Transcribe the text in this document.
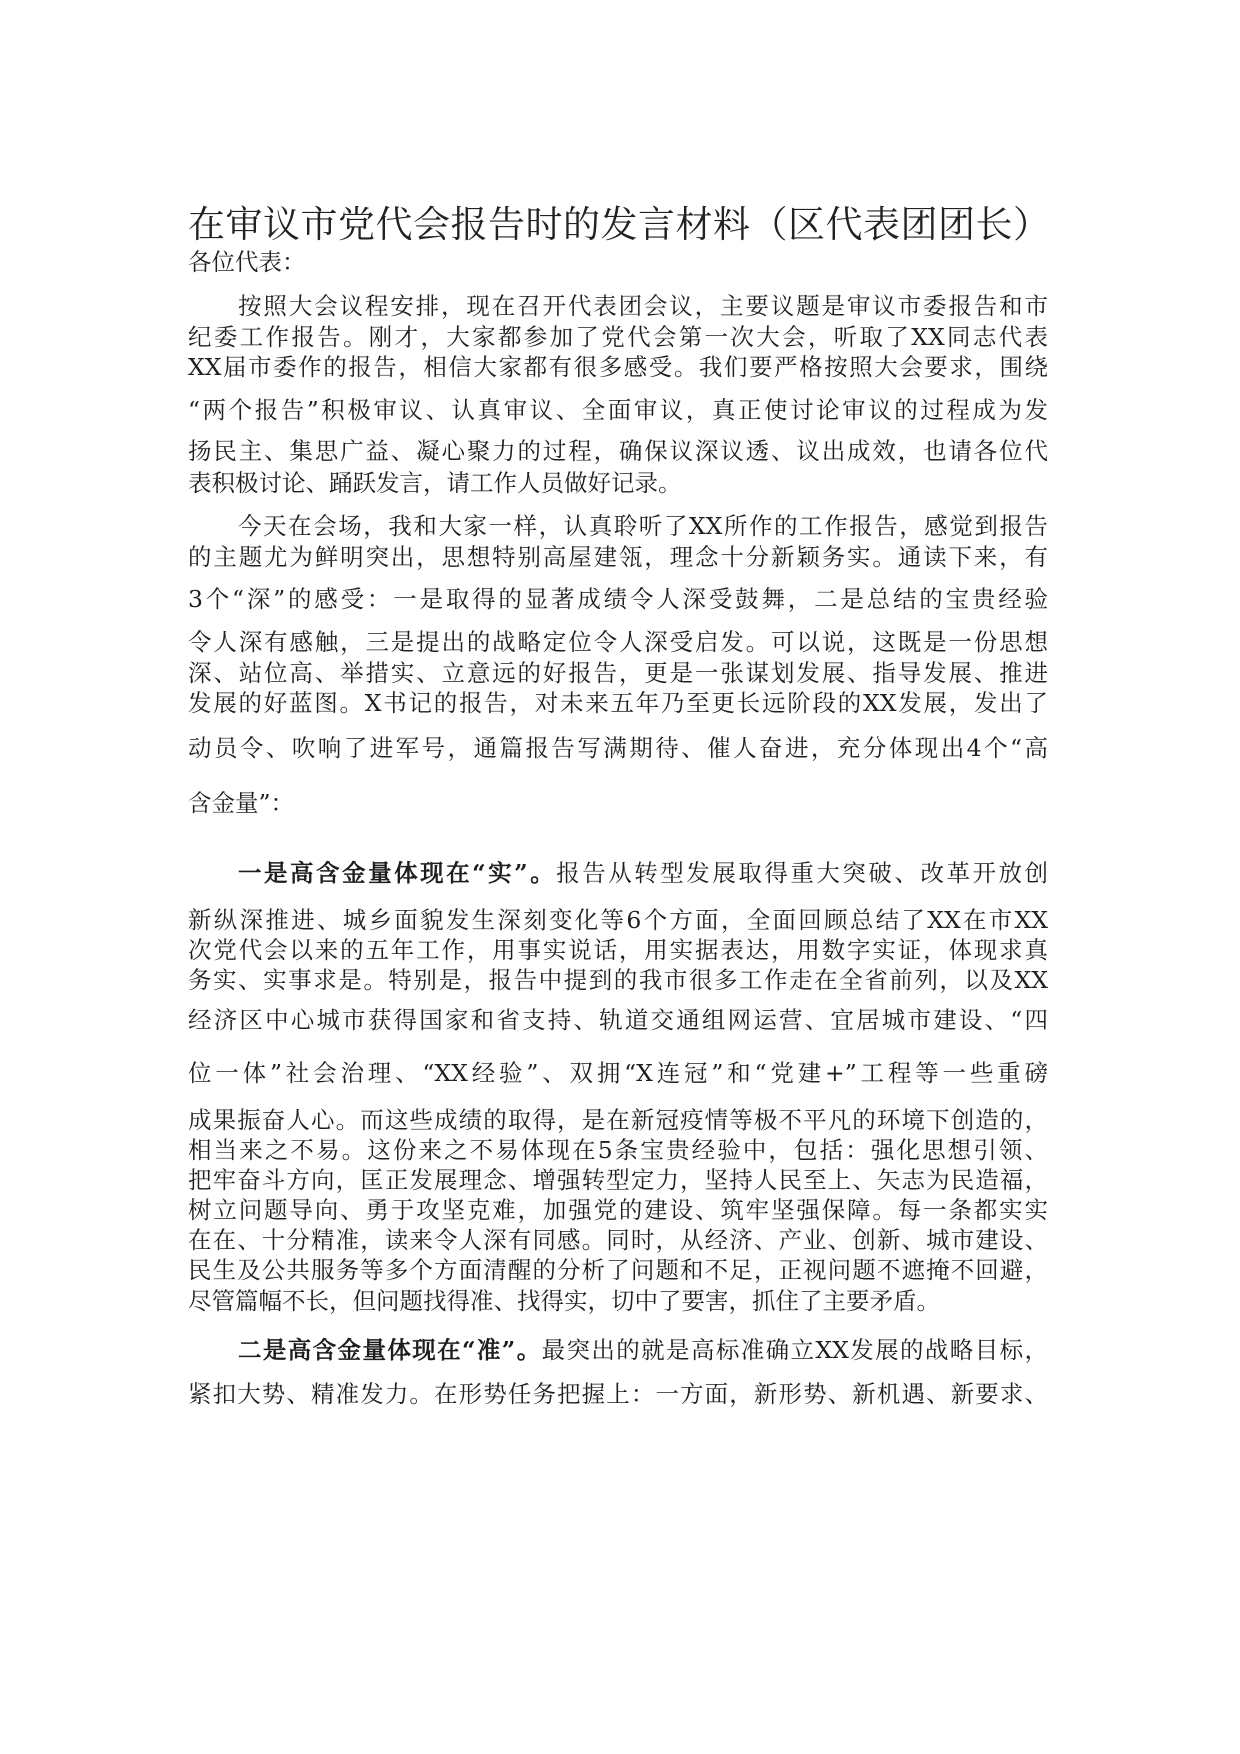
在审议市党代会报告时的发言材料（区代表团团长）

各位代表：

按照大会议程安排，现在召开代表团会议，主要议题是审议市委报告和市

纪委工作报告。刚才，大家都参加了党代会第一次大会，听取了XX同志代表

XX届市委作的报告，相信大家都有很多感受。我们要严格按照大会要求，围绕

“两个报告”积极审议、认真审议、全面审议，真正使讨论审议的过程成为发

扬民主、集思广益、凝心聚力的过程，确保议深议透、议出成效，也请各位代

表积极讨论、踊跃发言，请工作人员做好记录。

今天在会场，我和大家一样，认真聆听了XX所作的工作报告，感觉到报告

的主题尤为鲜明突出，思想特别高屋建瓴，理念十分新颖务实。通读下来，有

3个“深”的感受：一是取得的显著成绩令人深受鼓舞，二是总结的宝贵经验

令人深有感触，三是提出的战略定位令人深受启发。可以说，这既是一份思想

深、站位高、举措实、立意远的好报告，更是一张谋划发展、指导发展、推进

发展的好蓝图。X书记的报告，对未来五年乃至更长远阶段的XX发展，发出了

动员令、吹响了进军号，通篇报告写满期待、催人奋进，充分体现出4个“高

含金量”：

一是高含金量体现在“实”。报告从转型发展取得重大突破、改革开放创

新纵深推进、城乡面貌发生深刻变化等6个方面，全面回顾总结了XX在市XX

次党代会以来的五年工作，用事实说话，用实据表达，用数字实证，体现求真

务实、实事求是。特别是，报告中提到的我市很多工作走在全省前列，以及XX

经济区中心城市获得国家和省支持、轨道交通组网运营、宜居城市建设、“四

位一体”社会治理、“XX经验”、双拥“X连冠”和“党建+”工程等一些重磅

成果振奋人心。而这些成绩的取得，是在新冠疫情等极不平凡的环境下创造的，

相当来之不易。这份来之不易体现在5条宝贵经验中，包括：强化思想引领、

把牢奋斗方向，匡正发展理念、增强转型定力，坚持人民至上、矢志为民造福，

树立问题导向、勇于攻坚克难，加强党的建设、筑牢坚强保障。每一条都实实

在在、十分精准，读来令人深有同感。同时，从经济、产业、创新、城市建设、

民生及公共服务等多个方面清醒的分析了问题和不足，正视问题不遮掩不回避，

尽管篇幅不长，但问题找得准、找得实，切中了要害，抓住了主要矛盾。

二是高含金量体现在“准”。最突出的就是高标准确立XX发展的战略目标，

紧扣大势、精准发力。在形势任务把握上：一方面，新形势、新机遇、新要求、
